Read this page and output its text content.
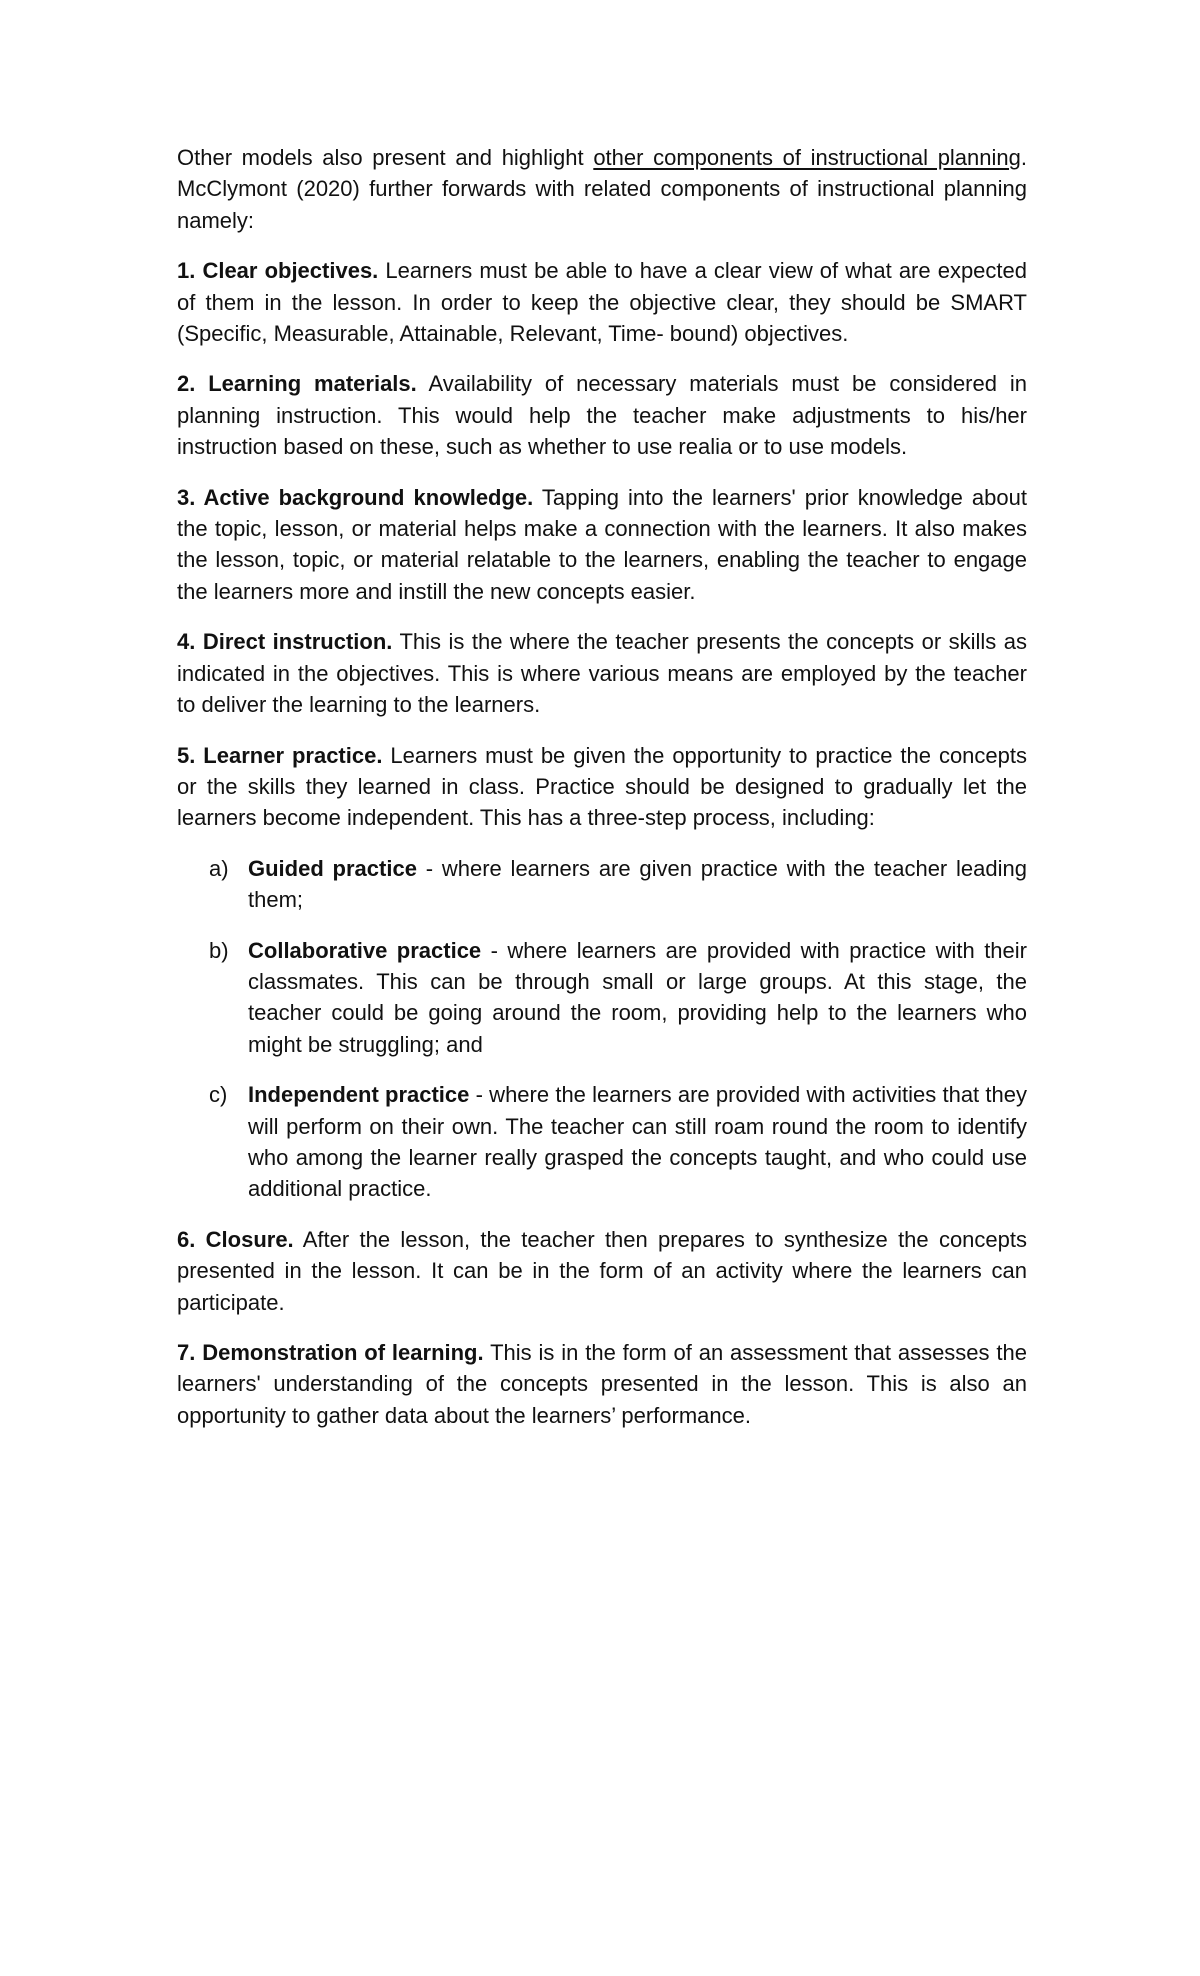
Other models also present and highlight other components of instructional planning. McClymont (2020) further forwards with related components of instructional planning namely:

1. Clear objectives. Learners must be able to have a clear view of what are expected of them in the lesson. In order to keep the objective clear, they should be SMART (Specific, Measurable, Attainable, Relevant, Time- bound) objectives.

2. Learning materials. Availability of necessary materials must be considered in planning instruction. This would help the teacher make adjustments to his/her instruction based on these, such as whether to use realia or to use models.

3. Active background knowledge. Tapping into the learners' prior knowledge about the topic, lesson, or material helps make a connection with the learners. It also makes the lesson, topic, or material relatable to the learners, enabling the teacher to engage the learners more and instill the new concepts easier.

4. Direct instruction. This is the where the teacher presents the concepts or skills as indicated in the objectives. This is where various means are employed by the teacher to deliver the learning to the learners.

5. Learner practice. Learners must be given the opportunity to practice the concepts or the skills they learned in class. Practice should be designed to gradually let the learners become independent. This has a three-step process, including:

a) Guided practice - where learners are given practice with the teacher leading them;
b) Collaborative practice - where learners are provided with practice with their classmates. This can be through small or large groups. At this stage, the teacher could be going around the room, providing help to the learners who might be struggling; and
c) Independent practice - where the learners are provided with activities that they will perform on their own. The teacher can still roam round the room to identify who among the learner really grasped the concepts taught, and who could use additional practice.

6. Closure. After the lesson, the teacher then prepares to synthesize the concepts presented in the lesson. It can be in the form of an activity where the learners can participate.

7. Demonstration of learning. This is in the form of an assessment that assesses the learners' understanding of the concepts presented in the lesson. This is also an opportunity to gather data about the learners’ performance.
